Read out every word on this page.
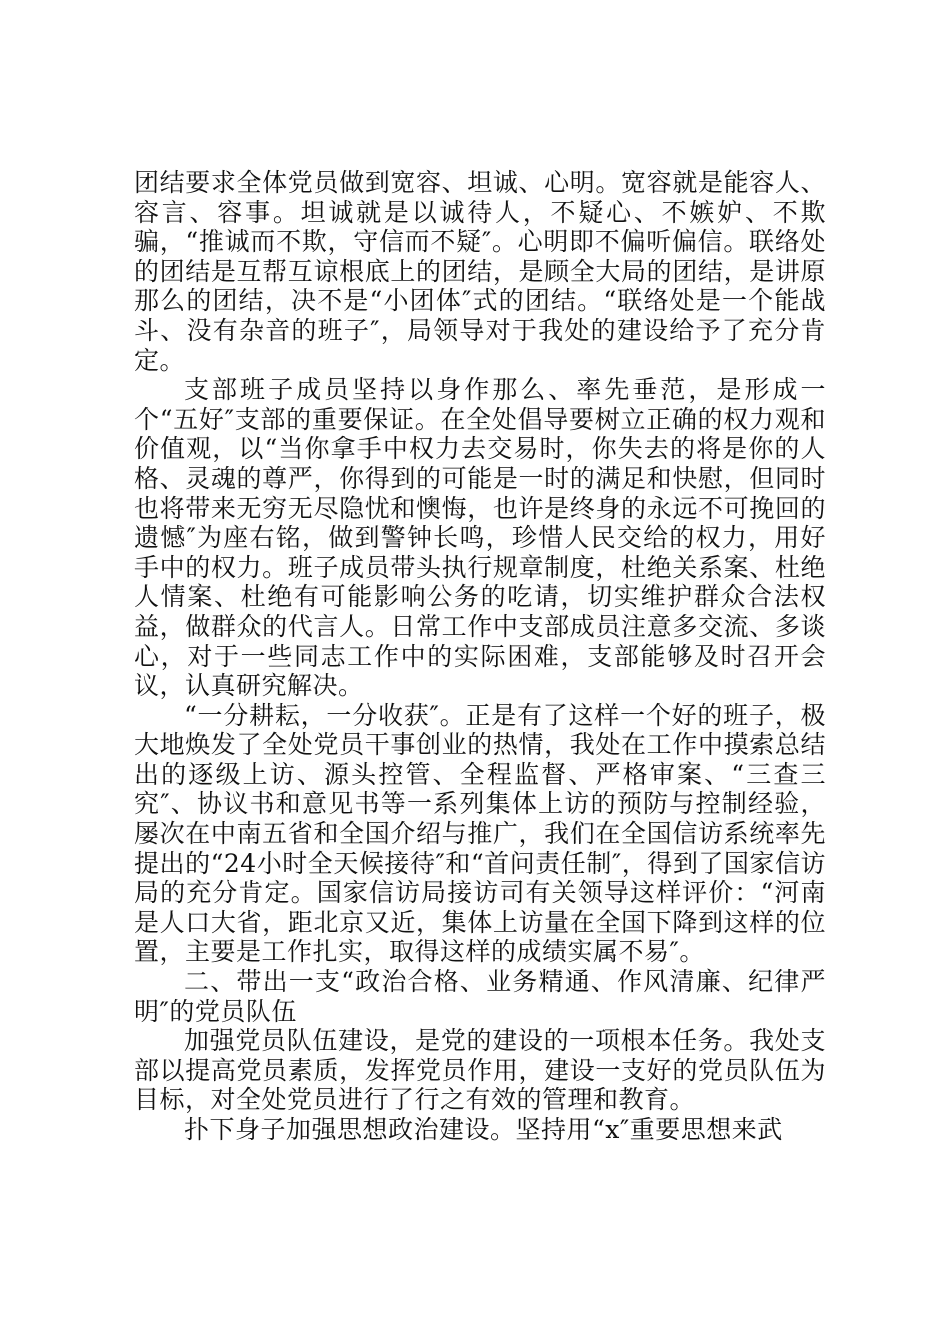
团结要求全体党员做到宽容、坦诚、心明。宽容就是能容人、容言、容事。坦诚就是以诚待人，不疑心、不嫉妒、不欺骗，“推诚而不欺，守信而不疑″。心明即不偏听偏信。联络处的团结是互帮互谅根底上的团结，是顾全大局的团结，是讲原那么的团结，决不是“小团体″式的团结。“联络处是一个能战斗、没有杂音的班子″，局领导对于我处的建设给予了充分肯定。

支部班子成员坚持以身作那么、率先垂范，是形成一个“五好″支部的重要保证。在全处倡导要树立正确的权力观和价值观，以“当你拿手中权力去交易时，你失去的将是你的人格、灵魂的尊严，你得到的可能是一时的满足和快慰，但同时也将带来无穷无尽隐忧和懊悔，也许是终身的永远不可挽回的遗憾″为座右铭，做到警钟长鸣，珍惜人民交给的权力，用好手中的权力。班子成员带头执行规章制度，杜绝关系案、杜绝人情案、杜绝有可能影响公务的吃请，切实维护群众合法权益，做群众的代言人。日常工作中支部成员注意多交流、多谈心，对于一些同志工作中的实际困难，支部能够及时召开会议，认真研究解决。

“一分耕耘，一分收获″。正是有了这样一个好的班子，极大地焕发了全处党员干事创业的热情，我处在工作中摸索总结出的逐级上访、源头控管、全程监督、严格审案、“三查三究″、协议书和意见书等一系列集体上访的预防与控制经验，屡次在中南五省和全国介绍与推广，我们在全国信访系统率先提出的“24小时全天候接待″和“首问责任制″，得到了国家信访局的充分肯定。国家信访局接访司有关领导这样评价：“河南是人口大省，距北京又近，集体上访量在全国下降到这样的位置，主要是工作扎实，取得这样的成绩实属不易″。

二、带出一支“政治合格、业务精通、作风清廉、纪律严明″的党员队伍

加强党员队伍建设，是党的建设的一项根本任务。我处支部以提高党员素质，发挥党员作用，建设一支好的党员队伍为目标，对全处党员进行了行之有效的管理和教育。

扑下身子加强思想政治建设。坚持用“x″重要思想来武
